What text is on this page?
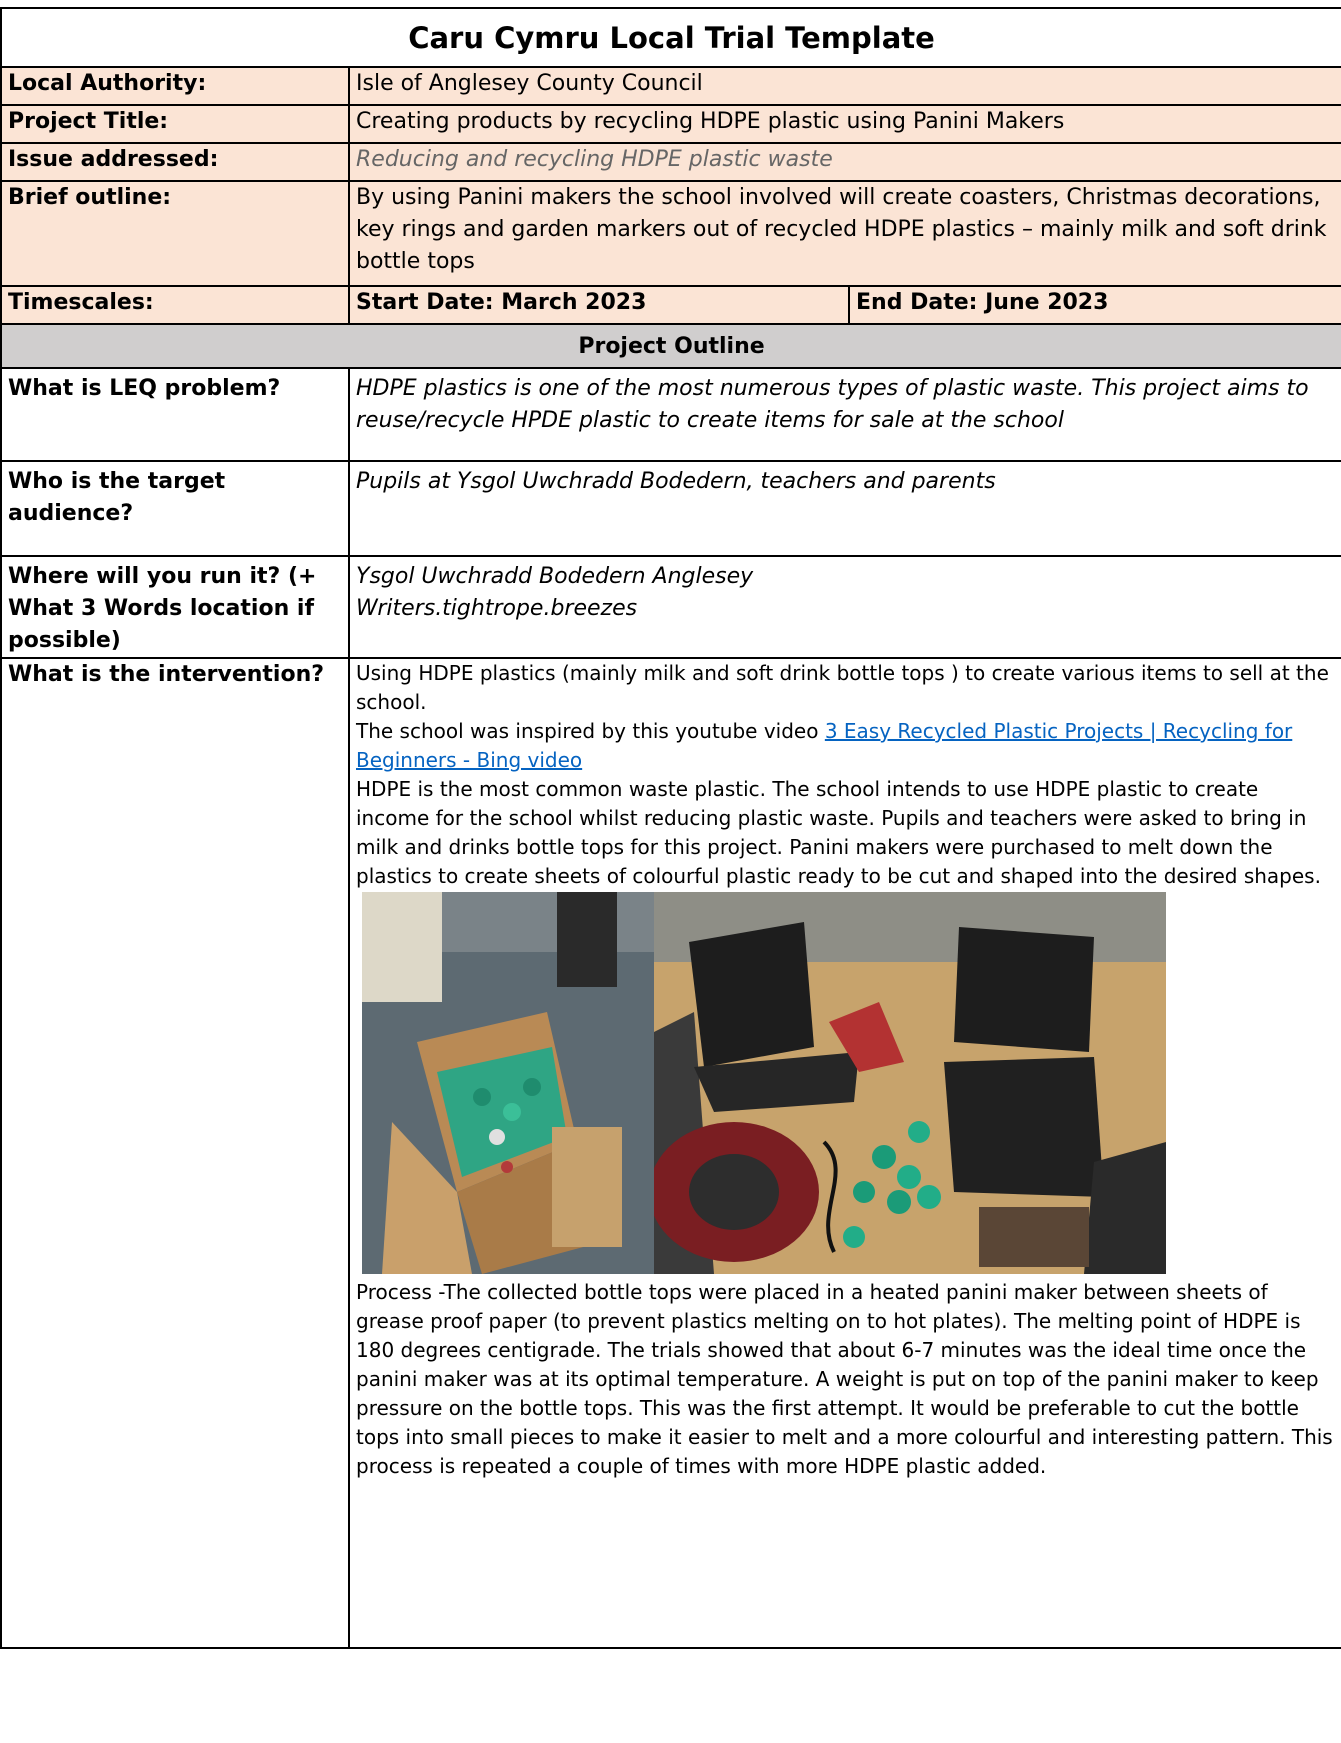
Caru Cymru Local Trial Template		
Local Authority:	Isle of Anglesey County Council	
Project Title:	Creating products by recycling HDPE plastic using Panini Makers	
Issue addressed:	Reducing and recycling HDPE plastic waste	
Brief outline:	By using Panini makers the school involved will create coasters, Christmas decorations, key rings and garden markers out of recycled HDPE plastics – mainly milk and soft drink bottle tops	
Timescales:	Start Date: March 2023	End Date: June 2023
Project Outline		
What is LEQ problem?	HDPE plastics is one of the most numerous types of plastic waste. This project aims to reuse/recycle HPDE plastic to create items for sale at the school	
Who is the target audience?	Pupils at Ysgol Uwchradd Bodedern, teachers and parents	
Where will you run it? (+ What 3 Words location if possible)	Ysgol Uwchradd Bodedern Anglesey
Writers.tightrope.breezes	

What is the intervention?	Using HDPE plastics (mainly milk and soft drink bottle tops ) to create various items to sell at the school.
The school was inspired by this youtube video 3 Easy Recycled Plastic Projects | Recycling for Beginners - Bing video
HDPE is the most common waste plastic. The school intends to use HDPE plastic to create income for the school whilst reducing plastic waste. Pupils and teachers were asked to bring in milk and drinks bottle tops for this project. Panini makers were purchased to melt down the plastics to create sheets of colourful plastic ready to be cut and shaped into the desired shapes.
Process -The collected bottle tops were placed in a heated panini maker between sheets of grease proof paper (to prevent plastics melting on to hot plates). The melting point of HDPE is 180 degrees centigrade. The trials showed that about 6-7 minutes was the ideal time once the panini maker was at its optimal temperature. A weight is put on top of the panini maker to keep pressure on the bottle tops. This was the first attempt. It would be preferable to cut the bottle tops into small pieces to make it easier to melt and a more colourful and interesting pattern. This process is repeated a couple of times with more HDPE plastic added.	
